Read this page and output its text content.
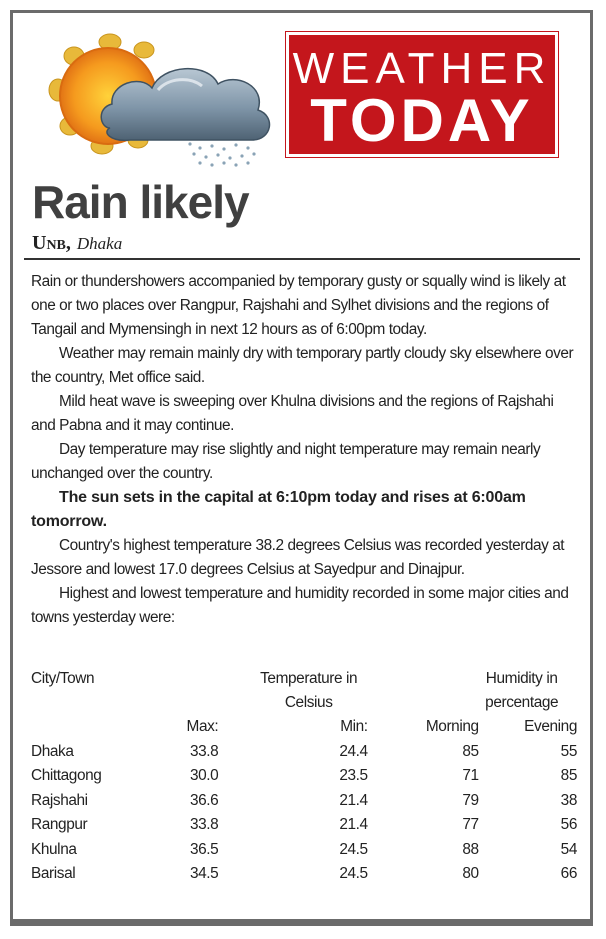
WEATHER
TODAY
Rain likely
Unb, Dhaka

Rain or thundershowers accompanied by temporary gusty or squally wind is likely at one or two places over Rangpur, Rajshahi and Sylhet divisions and the regions of Tangail and Mymensingh in next 12 hours as of 6:00pm today.

Weather may remain mainly dry with temporary partly cloudy sky elsewhere over the country, Met office said.

Mild heat wave is sweeping over Khulna divisions and the regions of Rajshahi and Pabna and it may continue.

Day temperature may rise slightly and night temperature may remain nearly unchanged over the country.

The sun sets in the capital at 6:10pm today and rises at 6:00am tomorrow.

Country's highest temperature 38.2 degrees Celsius was recorded yesterday at Jessore and lowest 17.0 degrees Celsius at Sayedpur and Dinajpur.

Highest and lowest temperature and humidity recorded in some major cities and towns yesterday were:

City/Town	Temperature in Celsius		Humidity in percentage	

	Max:	Min:	Morning	Evening
Dhaka	33.8	24.4	85	55
Chittagong	30.0	23.5	71	85
Rajshahi	36.6	21.4	79	38
Rangpur	33.8	21.4	77	56
Khulna	36.5	24.5	88	54
Barisal	34.5	24.5	80	66
